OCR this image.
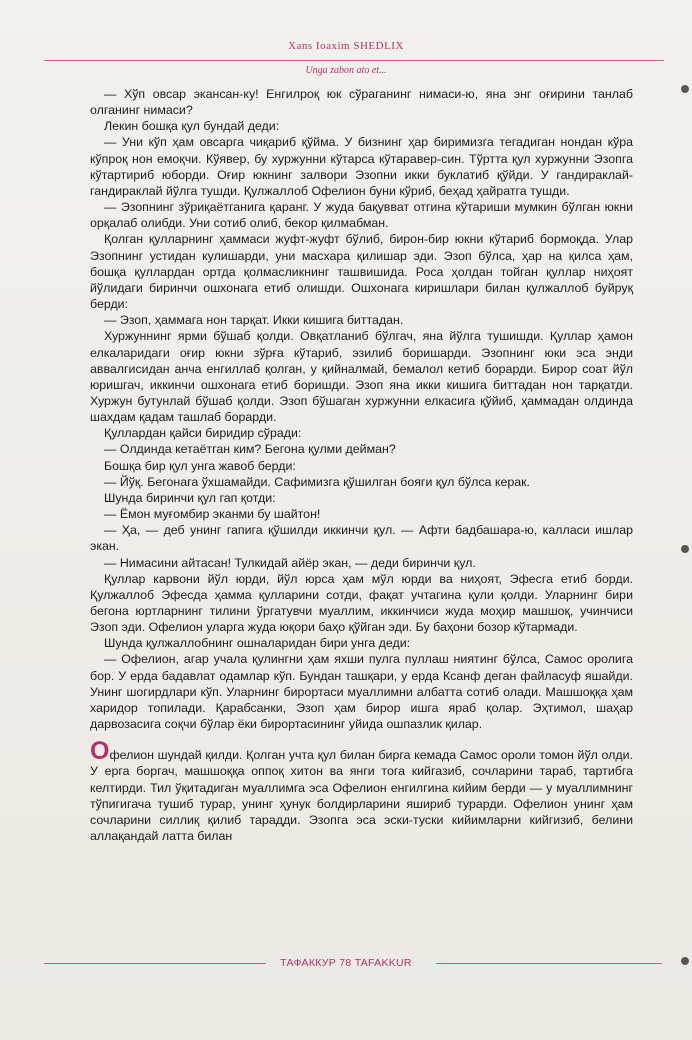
Xans Ioaxim SHEDLIX
Unga zabon ato et...

— Хўп овсар экансан-ку! Енгилроқ юк сўраганинг нимаси-ю, яна энг оғирини танлаб олганинг нимаси?

Лекин бошқа қул бундай деди:

— Уни кўп ҳам овсарга чиқариб қўйма. У бизнинг ҳар биримизга тегадиган нондан кўра кўпроқ нон емоқчи. Кўявер, бу хуржунни кўтарса кўтаравер-син. Тўртта қул хуржунни Эзопга кўтартириб юборди. Оғир юкнинг залвори Эзопни икки буклатиб қўйди. У гандираклай-гандираклай йўлга тушди. Қулжаллоб Офелион буни кўриб, беҳад ҳайратга тушди.

— Эзопнинг зўриқаётганига қаранг. У жуда бақувват отгина кўтариши мумкин бўлган юкни орқалаб олибди. Уни сотиб олиб, бекор қилмабман.

Қолган қулларнинг ҳаммаси жуфт-жуфт бўлиб, бирон-бир юкни кўтариб бормоқда. Улар Эзопнинг устидан кулишарди, уни масхара қилишар эди. Эзоп бўлса, ҳар на қилса ҳам, бошқа қуллардан ортда қолмасликнинг ташвишида. Роса ҳолдан тойган қуллар ниҳоят йўлидаги биринчи ошхонага етиб олишди. Ошхонага киришлари билан қулжаллоб буйруқ берди:

— Эзоп, ҳаммага нон тарқат. Икки кишига биттадан.

Хуржуннинг ярми бўшаб қолди. Овқатланиб бўлгач, яна йўлга тушишди. Қуллар ҳамон елкаларидаги оғир юкни зўрға кўтариб, эзилиб боришарди. Эзопнинг юки эса энди аввалгисидан анча енгиллаб қолган, у қийналмай, бемалол кетиб борарди. Бирор соат йўл юришгач, иккинчи ошхонага етиб боришди. Эзоп яна икки кишига биттадан нон тарқатди. Хуржун бутунлай бўшаб қолди. Эзоп бўшаган хуржунни елкасига қўйиб, ҳаммадан олдинда шахдам қадам ташлаб борарди.

Қуллардан қайси биридир сўради:

— Олдинда кетаётган ким? Бегона қулми дейман?

Бошқа бир қул унга жавоб берди:

— Йўқ. Бегонага ўхшамайди. Сафимизга қўшилган бояги қул бўлса керак.

Шунда биринчи қул гап қотди:

— Ёмон муғомбир эканми бу шайтон!

— Ҳа, — деб унинг гапига қўшилди иккинчи қул. — Афти бадбашара-ю, калласи ишлар экан.

— Нимасини айтасан! Тулкидай айёр экан, — деди биринчи қул.

Қуллар карвони йўл юрди, йўл юрса ҳам мўл юрди ва ниҳоят, Эфесга етиб борди. Қулжаллоб Эфесда ҳамма қулларини сотди, фақат учтагина қули қолди. Уларнинг бири бегона юртларнинг тилини ўргатувчи муаллим, иккинчиси жуда моҳир машшоқ, учинчиси Эзоп эди. Офелион уларга жуда юқори баҳо қўйган эди. Бу баҳони бозор кўтармади.

Шунда қулжаллобнинг ошналаридан бири унга деди:

— Офелион, агар учала қулингни ҳам яхши пулга пуллаш ниятинг бўлса, Самос оролига бор. У ерда бадавлат одамлар кўп. Бундан ташқари, у ерда Ксанф деган файласуф яшайди. Унинг шогирдлари кўп. Уларнинг бирортаси муаллимни албатта сотиб олади. Машшоққа ҳам харидор топилади. Қарабсанки, Эзоп ҳам бирор ишга яраб қолар. Эҳтимол, шаҳар дарвозасига соқчи бўлар ёки бирортасининг уйида ошпазлик қилар.

Офелион шундай қилди. Қолган учта қул билан бирга кемада Самос ороли томон йўл олди. У ерга боргач, машшоққа оппоқ хитон ва янги тога кийгазиб, сочларини тараб, тартибга келтирди. Тил ўқитадиган муаллимга эса Офелион енгилгина кийим берди — у муаллимнинг тўпигигача тушиб турар, унинг ҳунук болдирларини яшириб турарди. Офелион унинг ҳам сочларини силлиқ қилиб тарадди. Эзопга эса эски-туски кийимларни кийгизиб, белини аллақандай латта билан

ТАФАККУР 78 TAFAKKUR
